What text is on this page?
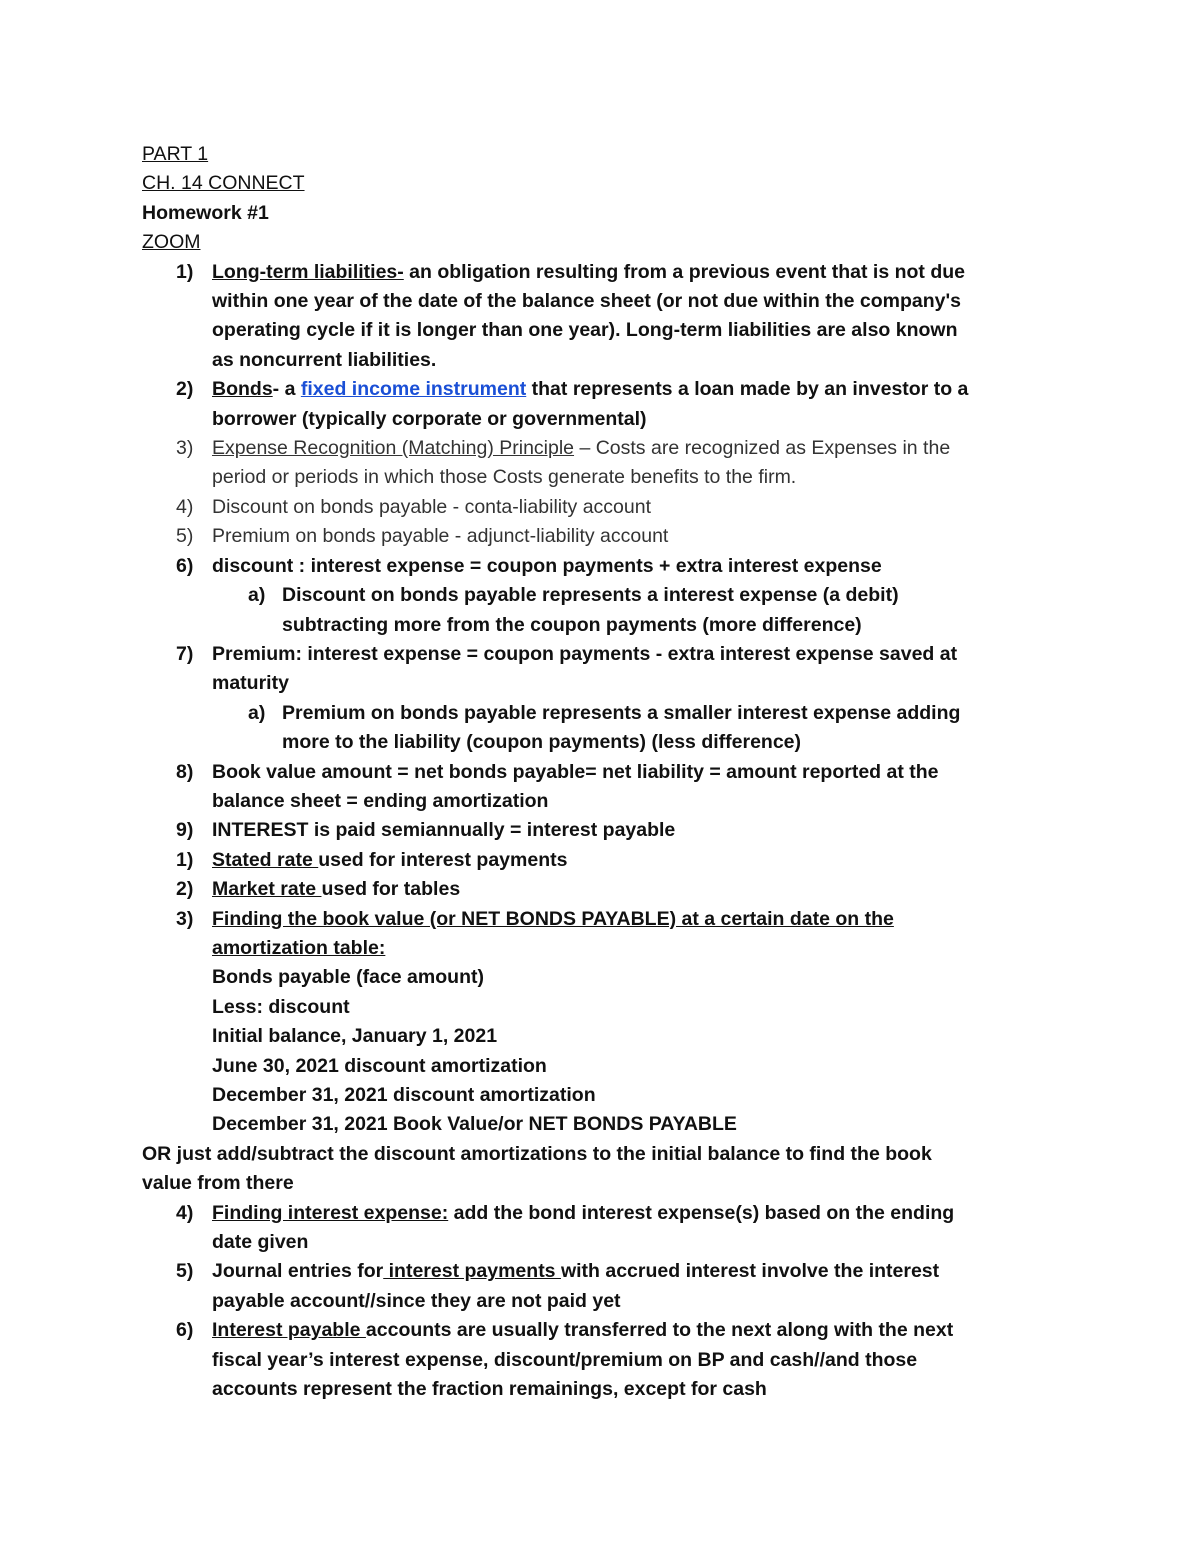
PART 1
CH. 14 CONNECT
Homework #1
ZOOM
1) Long-term liabilities- an obligation resulting from a previous event that is not due
within one year of the date of the balance sheet (or not due within the company's
operating cycle if it is longer than one year). Long-term liabilities are also known
as noncurrent liabilities.
2) Bonds- a fixed income instrument that represents a loan made by an investor to a
borrower (typically corporate or governmental)
3) Expense Recognition (Matching) Principle – Costs are recognized as Expenses in the
period or periods in which those Costs generate benefits to the firm.
4) Discount on bonds payable - conta-liability account
5) Premium on bonds payable - adjunct-liability account
6) discount : interest expense = coupon payments + extra interest expense
a) Discount on bonds payable represents a interest expense (a debit)
subtracting more from the coupon payments (more difference)
7) Premium: interest expense = coupon payments - extra interest expense saved at
maturity
a) Premium on bonds payable represents a smaller interest expense adding
more to the liability (coupon payments) (less difference)
8) Book value amount = net bonds payable= net liability = amount reported at the
balance sheet = ending amortization
9) INTEREST is paid semiannually = interest payable
1) Stated rate used for interest payments
2) Market rate used for tables
3) Finding the book value (or NET BONDS PAYABLE) at a certain date on the
amortization table:
Bonds payable (face amount)
Less: discount
Initial balance, January 1, 2021
June 30, 2021 discount amortization
December 31, 2021 discount amortization
December 31, 2021 Book Value/or NET BONDS PAYABLE
OR just add/subtract the discount amortizations to the initial balance to find the book
value from there
4) Finding interest expense: add the bond interest expense(s) based on the ending
date given
5) Journal entries for interest payments with accrued interest involve the interest
payable account//since they are not paid yet
6) Interest payable accounts are usually transferred to the next along with the next
fiscal year’s interest expense, discount/premium on BP and cash//and those
accounts represent the fraction remainings, except for cash
